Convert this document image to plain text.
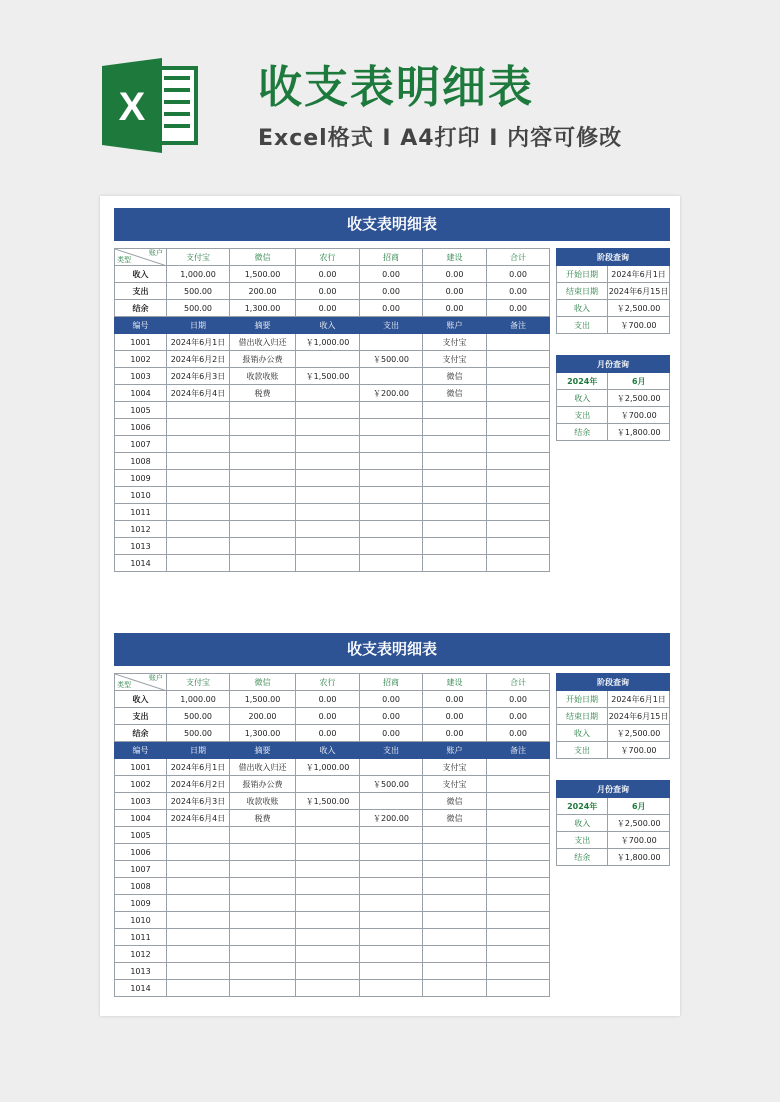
X	收支表明细表
Excel格式 I A4打印 I 内容可修改
收支表明细表
账户
类型	支付宝	微信	农行	招商	建设	合计
收入	1,000.00	1,500.00	0.00	0.00	0.00	0.00
支出	500.00	200.00	0.00	0.00	0.00	0.00
结余	500.00	1,300.00	0.00	0.00	0.00	0.00
编号	日期	摘要	收入	支出	账户	备注
1001	2024年6月1日	借出收入归还	￥1,000.00		支付宝	
1002	2024年6月2日	报销办公费		￥500.00	支付宝	
1003	2024年6月3日	收款收账	￥1,500.00		微信	
1004	2024年6月4日	税费		￥200.00	微信	
1005						
1006						
1007						
1008						
1009						
1010						
1011						
1012						
1013						
1014						
阶段查询	
开始日期	2024年6月1日
结束日期	2024年6月15日
收入	￥2,500.00
支出	￥700.00
月份查询	
2024年	6月
收入	￥2,500.00
支出	￥700.00
结余	￥1,800.00
收支表明细表
账户
类型	支付宝	微信	农行	招商	建设	合计
收入	1,000.00	1,500.00	0.00	0.00	0.00	0.00
支出	500.00	200.00	0.00	0.00	0.00	0.00
结余	500.00	1,300.00	0.00	0.00	0.00	0.00
编号	日期	摘要	收入	支出	账户	备注
1001	2024年6月1日	借出收入归还	￥1,000.00		支付宝	
1002	2024年6月2日	报销办公费		￥500.00	支付宝	
1003	2024年6月3日	收款收账	￥1,500.00		微信	
1004	2024年6月4日	税费		￥200.00	微信	
1005						
1006						
1007						
1008						
1009						
1010						
1011						
1012						
1013						
1014						
阶段查询	
开始日期	2024年6月1日
结束日期	2024年6月15日
收入	￥2,500.00
支出	￥700.00
月份查询	
2024年	6月
收入	￥2,500.00
支出	￥700.00
结余	￥1,800.00
